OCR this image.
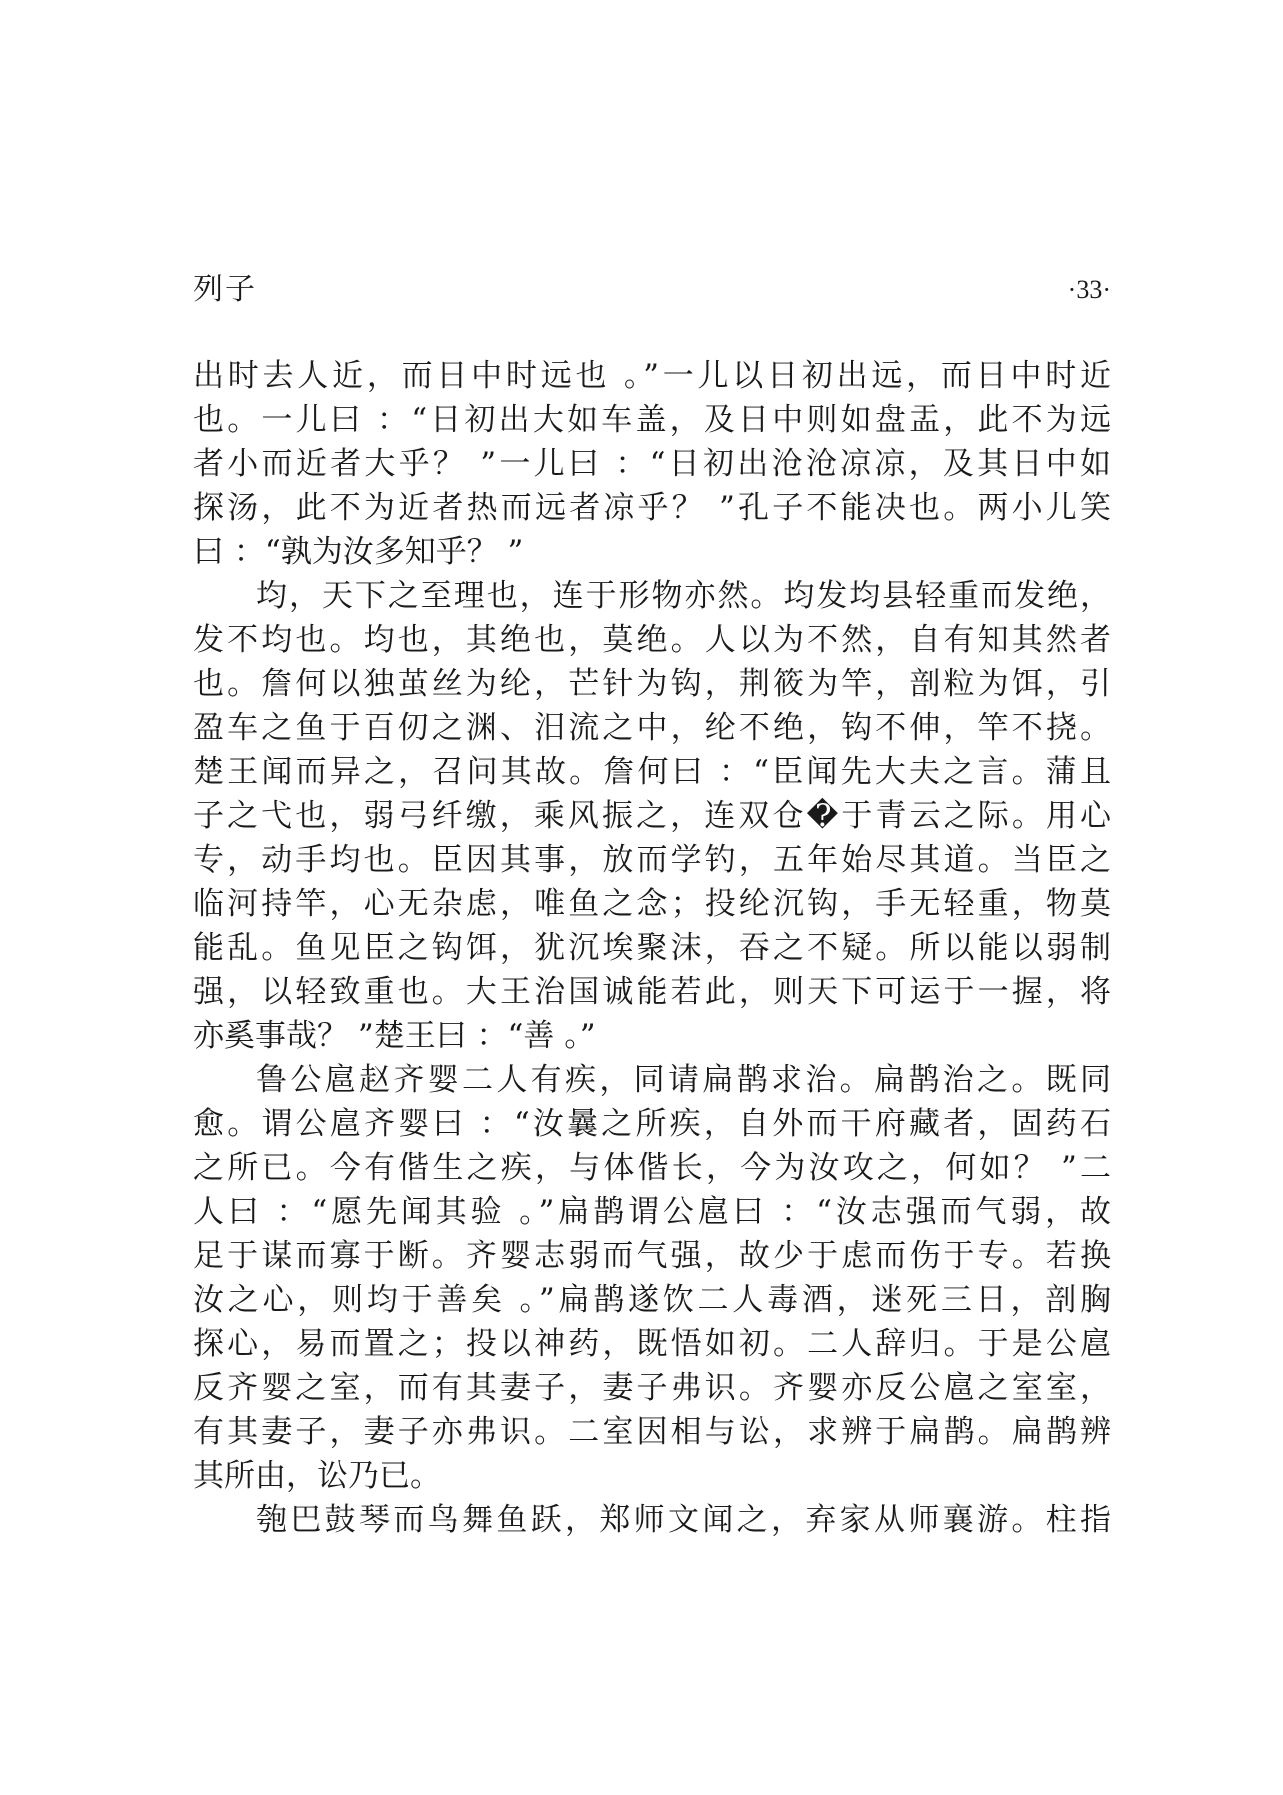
列子	·33·
出时去人近，而日中时远也 。”一儿以日初出远，而日中时近
也。一儿曰 ：“日初出大如车盖，及日中则如盘盂，此不为远
者小而近者大乎？ ”一儿曰 ：“日初出沧沧凉凉，及其日中如
探汤，此不为近者热而远者凉乎？ ”孔子不能决也。两小儿笑
曰 ：“孰为汝多知乎？ ”
均，天下之至理也，连于形物亦然。均发均县轻重而发绝，
发不均也。均也，其绝也，莫绝。人以为不然，自有知其然者
也。詹何以独茧丝为纶，芒针为钩，荆筱为竿，剖粒为饵，引
盈车之鱼于百仞之渊、汨流之中，纶不绝，钩不伸，竿不挠。
楚王闻而异之，召问其故。詹何曰 ：“臣闻先大夫之言。蒲且
子之弋也，弱弓纤缴，乘风振之，连双仓�于青云之际。用心
专，动手均也。臣因其事，放而学钓，五年始尽其道。当臣之
临河持竿，心无杂虑，唯鱼之念；投纶沉钩，手无轻重，物莫
能乱。鱼见臣之钩饵，犹沉埃聚沫，吞之不疑。所以能以弱制
强，以轻致重也。大王治国诚能若此，则天下可运于一握，将
亦奚事哉？ ”楚王曰 ：“善 。”
鲁公扈赵齐婴二人有疾，同请扁鹊求治。扁鹊治之。既同
愈。谓公扈齐婴曰 ：“汝曩之所疾，自外而干府藏者，固药石
之所已。今有偕生之疾，与体偕长，今为汝攻之，何如？ ”二
人曰 ：“愿先闻其验 。”扁鹊谓公扈曰 ：“汝志强而气弱，故
足于谋而寡于断。齐婴志弱而气强，故少于虑而伤于专。若换
汝之心，则均于善矣 。”扁鹊遂饮二人毒酒，迷死三日，剖胸
探心，易而置之；投以神药，既悟如初。二人辞归。于是公扈
反齐婴之室，而有其妻子，妻子弗识。齐婴亦反公扈之室室，
有其妻子，妻子亦弗识。二室因相与讼，求辨于扁鹊。扁鹊辨
其所由，讼乃已。
匏巴鼓琴而鸟舞鱼跃，郑师文闻之，弃家从师襄游。柱指
